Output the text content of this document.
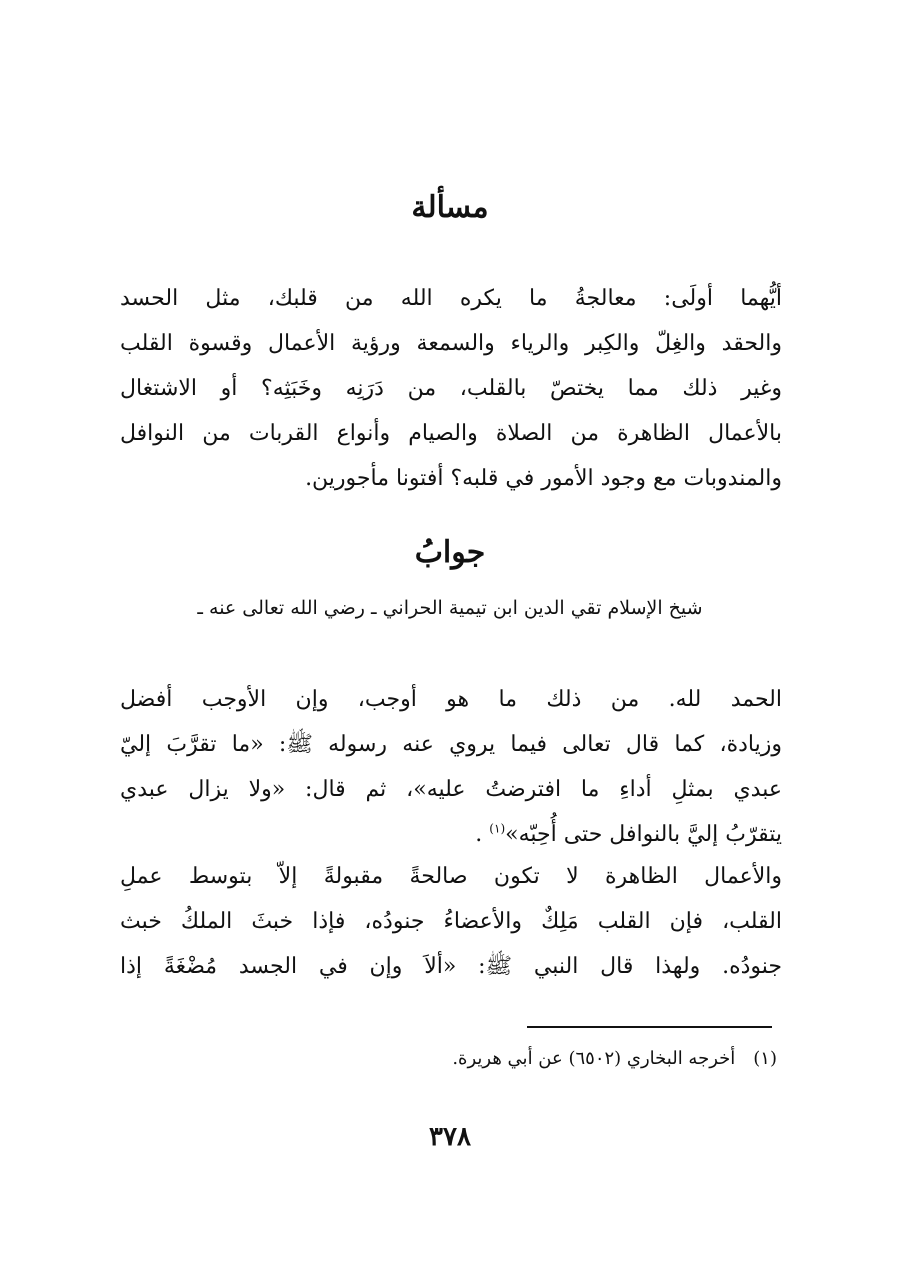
مسألة

أيُّهما أولَى: معالجةُ ما يكره الله من قلبك، مثل الحسد
والحقد والغِلّ والكِبر والرياء والسمعة ورؤية الأعمال وقسوة القلب
وغير ذلك مما يختصّ بالقلب، من دَرَنِه وخَبَثِه؟ أو الاشتغال
بالأعمال الظاهرة من الصلاة والصيام وأنواع القربات من النوافل
والمندوبات مع وجود الأمور في قلبه؟ أفتونا مأجورين.

جوابُ

شيخ الإسلام تقي الدين ابن تيمية الحراني ـ رضي الله تعالى عنه ـ

الحمد لله. من ذلك ما هو أوجب، وإن الأوجب أفضل
وزيادة، كما قال تعالى فيما يروي عنه رسوله ﷺ: «ما تقرَّبَ إليّ
عبدي بمثلِ أداءِ ما افترضتُ عليه»، ثم قال: «ولا يزال عبدي
يتقرّبُ إليَّ بالنوافل حتى أُحِبّه»$^{(١)}$ .

والأعمال الظاهرة لا تكون صالحةً مقبولةً إلاّ بتوسط عملِ
القلب، فإن القلب مَلِكٌ والأعضاءُ جنودُه، فإذا خبثَ الملكُ خبث
جنودُه. ولهذا قال النبي ﷺ: «ألاَ وإن في الجسد مُضْغَةً إذا

(١)أخرجه البخاري (٦٥٠٢) عن أبي هريرة.

٣٧٨
